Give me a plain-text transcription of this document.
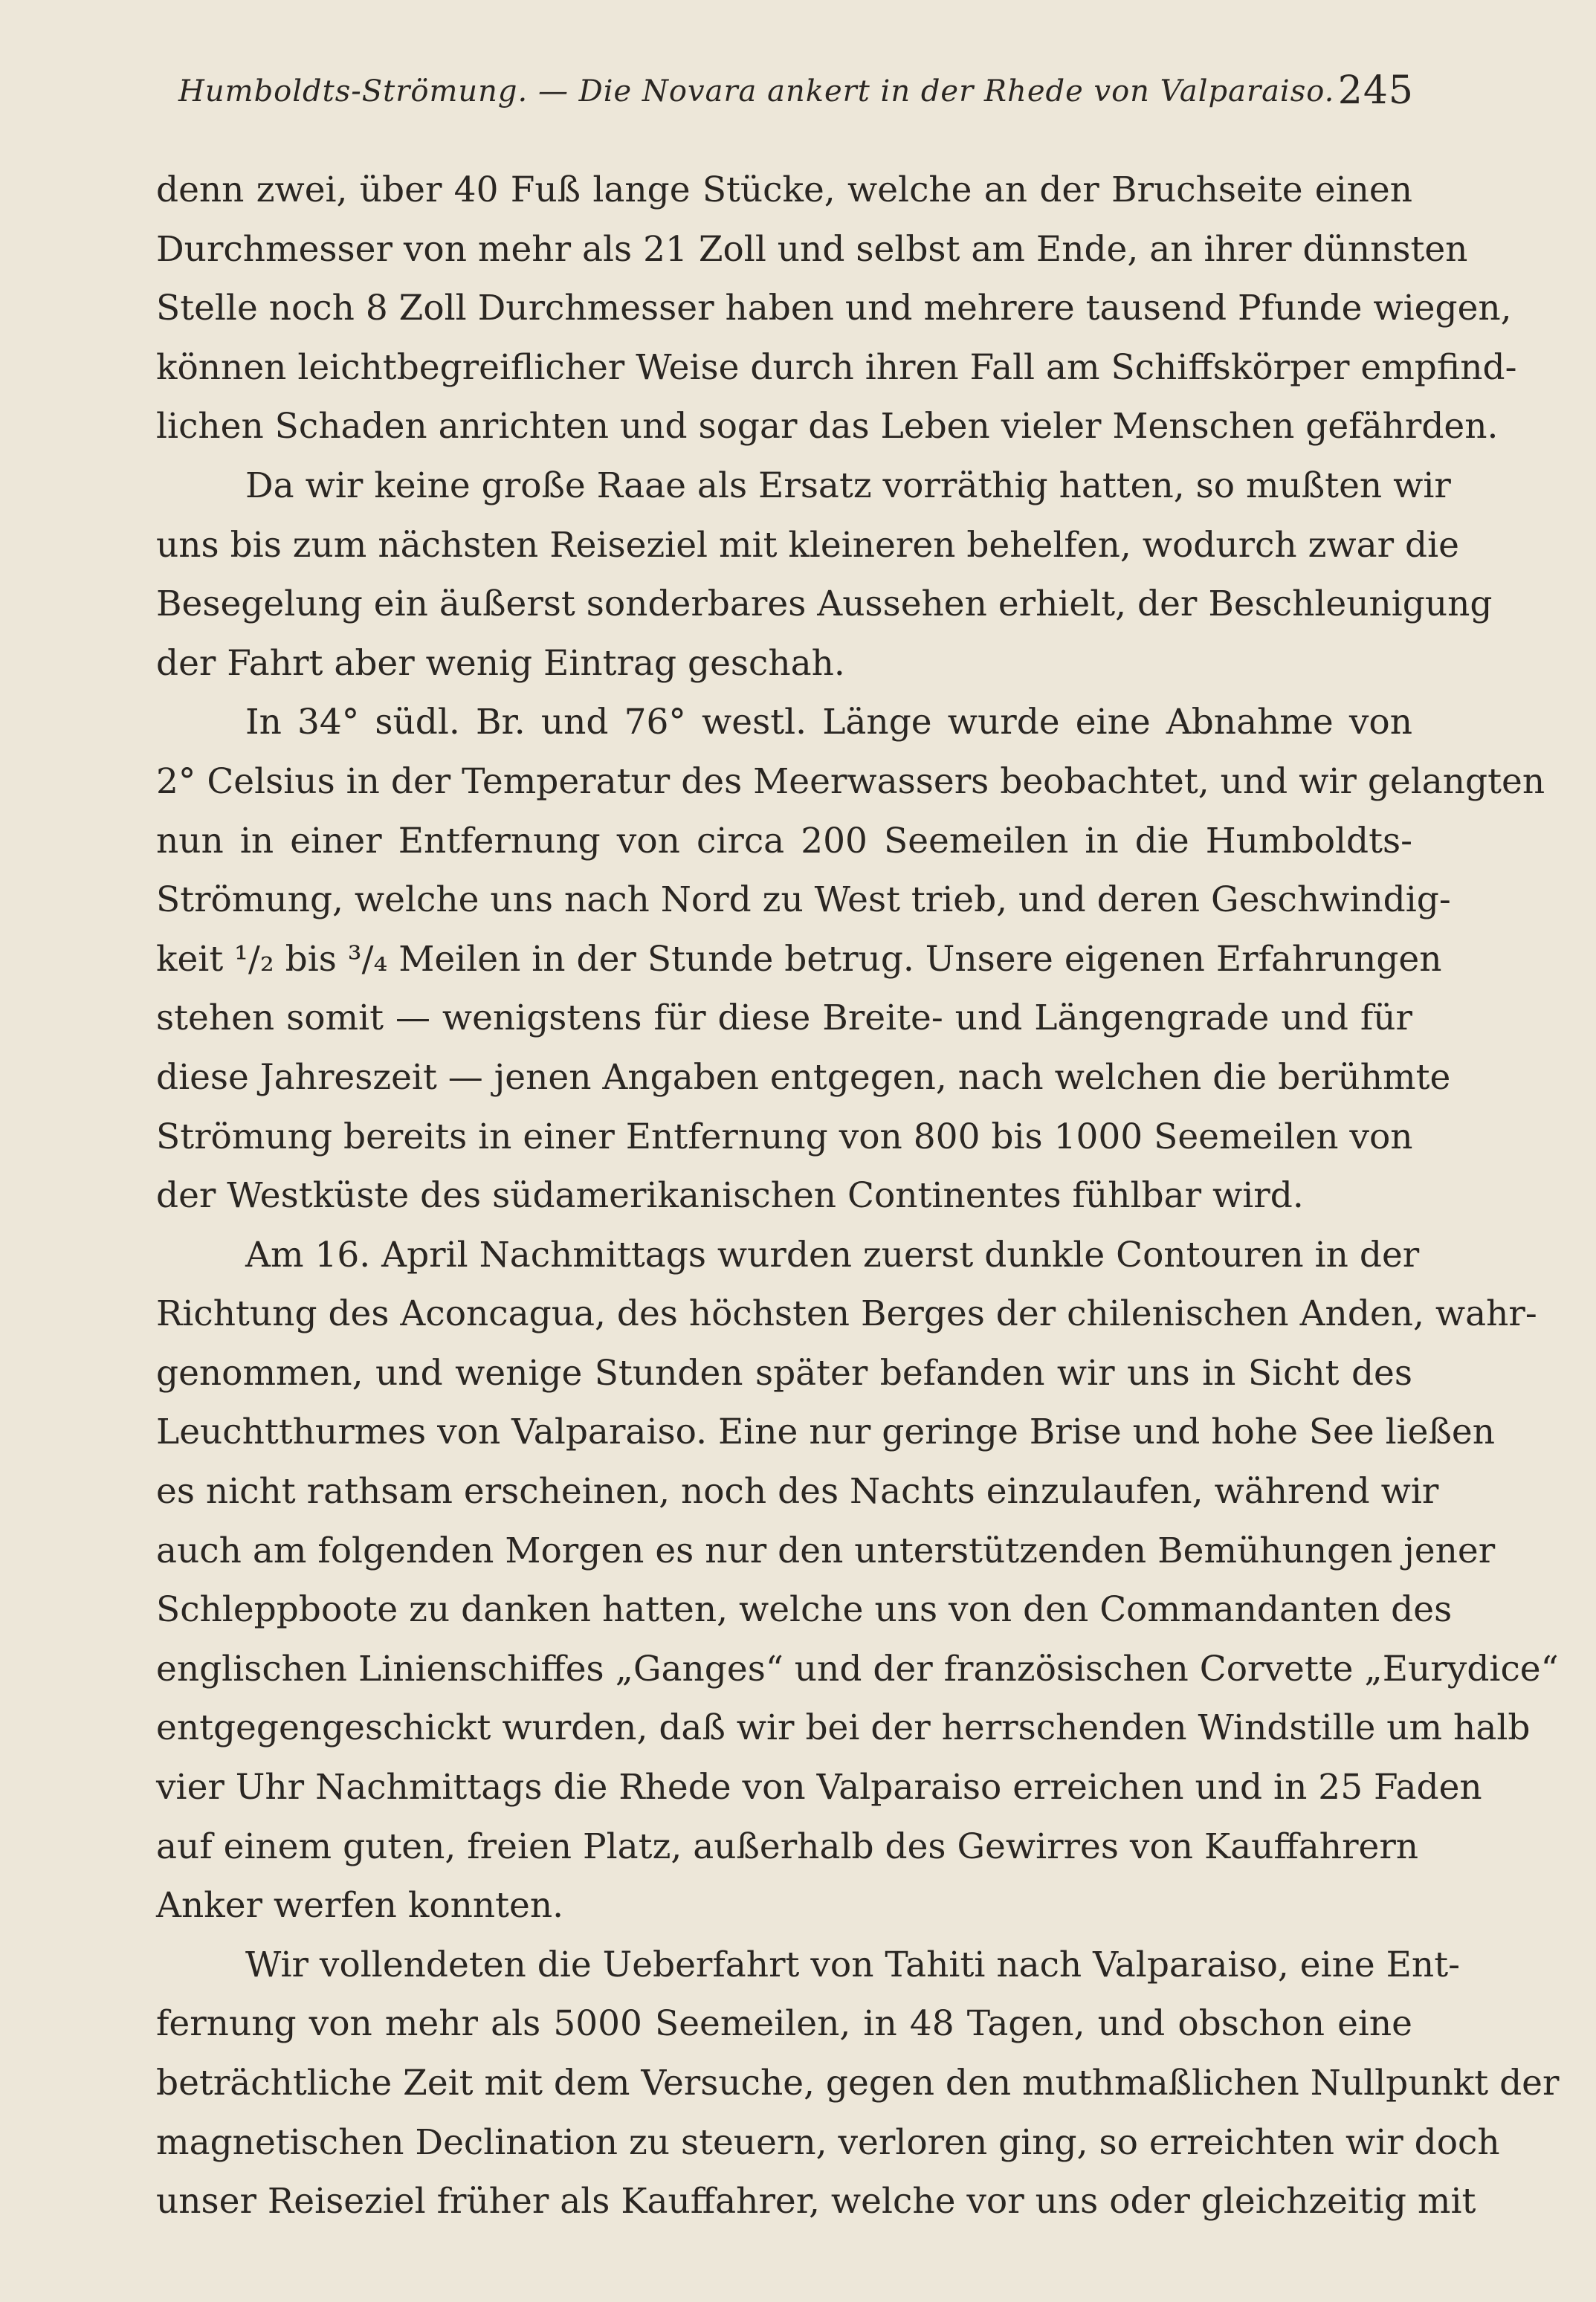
Humboldts-Strömung. — Die Novara ankert in der Rhede von Valparaiso. 245
denn zwei, über 40 Fuß lange Stücke, welche an der Bruchseite einen
Durchmesser von mehr als 21 Zoll und selbst am Ende, an ihrer dünnsten
Stelle noch 8 Zoll Durchmesser haben und mehrere tausend Pfunde wiegen,
können leichtbegreiflicher Weise durch ihren Fall am Schiffskörper empfind-
lichen Schaden anrichten und sogar das Leben vieler Menschen gefährden.
Da wir keine große Raae als Ersatz vorräthig hatten, so mußten wir
uns bis zum nächsten Reiseziel mit kleineren behelfen, wodurch zwar die
Besegelung ein äußerst sonderbares Aussehen erhielt, der Beschleunigung
der Fahrt aber wenig Eintrag geschah.
In 34° südl. Br. und 76° westl. Länge wurde eine Abnahme von
2° Celsius in der Temperatur des Meerwassers beobachtet, und wir gelangten
nun in einer Entfernung von circa 200 Seemeilen in die Humboldts-
Strömung, welche uns nach Nord zu West trieb, und deren Geschwindig-
keit ¹/₂ bis ³/₄ Meilen in der Stunde betrug. Unsere eigenen Erfahrungen
stehen somit — wenigstens für diese Breite- und Längengrade und für
diese Jahreszeit — jenen Angaben entgegen, nach welchen die berühmte
Strömung bereits in einer Entfernung von 800 bis 1000 Seemeilen von
der Westküste des südamerikanischen Continentes fühlbar wird.
Am 16. April Nachmittags wurden zuerst dunkle Contouren in der
Richtung des Aconcagua, des höchsten Berges der chilenischen Anden, wahr-
genommen, und wenige Stunden später befanden wir uns in Sicht des
Leuchtthurmes von Valparaiso. Eine nur geringe Brise und hohe See ließen
es nicht rathsam erscheinen, noch des Nachts einzulaufen, während wir
auch am folgenden Morgen es nur den unterstützenden Bemühungen jener
Schleppboote zu danken hatten, welche uns von den Commandanten des
englischen Linienschiffes „Ganges“ und der französischen Corvette „Eurydice“
entgegengeschickt wurden, daß wir bei der herrschenden Windstille um halb
vier Uhr Nachmittags die Rhede von Valparaiso erreichen und in 25 Faden
auf einem guten, freien Platz, außerhalb des Gewirres von Kauffahrern
Anker werfen konnten.
Wir vollendeten die Ueberfahrt von Tahiti nach Valparaiso, eine Ent-
fernung von mehr als 5000 Seemeilen, in 48 Tagen, und obschon eine
beträchtliche Zeit mit dem Versuche, gegen den muthmaßlichen Nullpunkt der
magnetischen Declination zu steuern, verloren ging, so erreichten wir doch
unser Reiseziel früher als Kauffahrer, welche vor uns oder gleichzeitig mit
